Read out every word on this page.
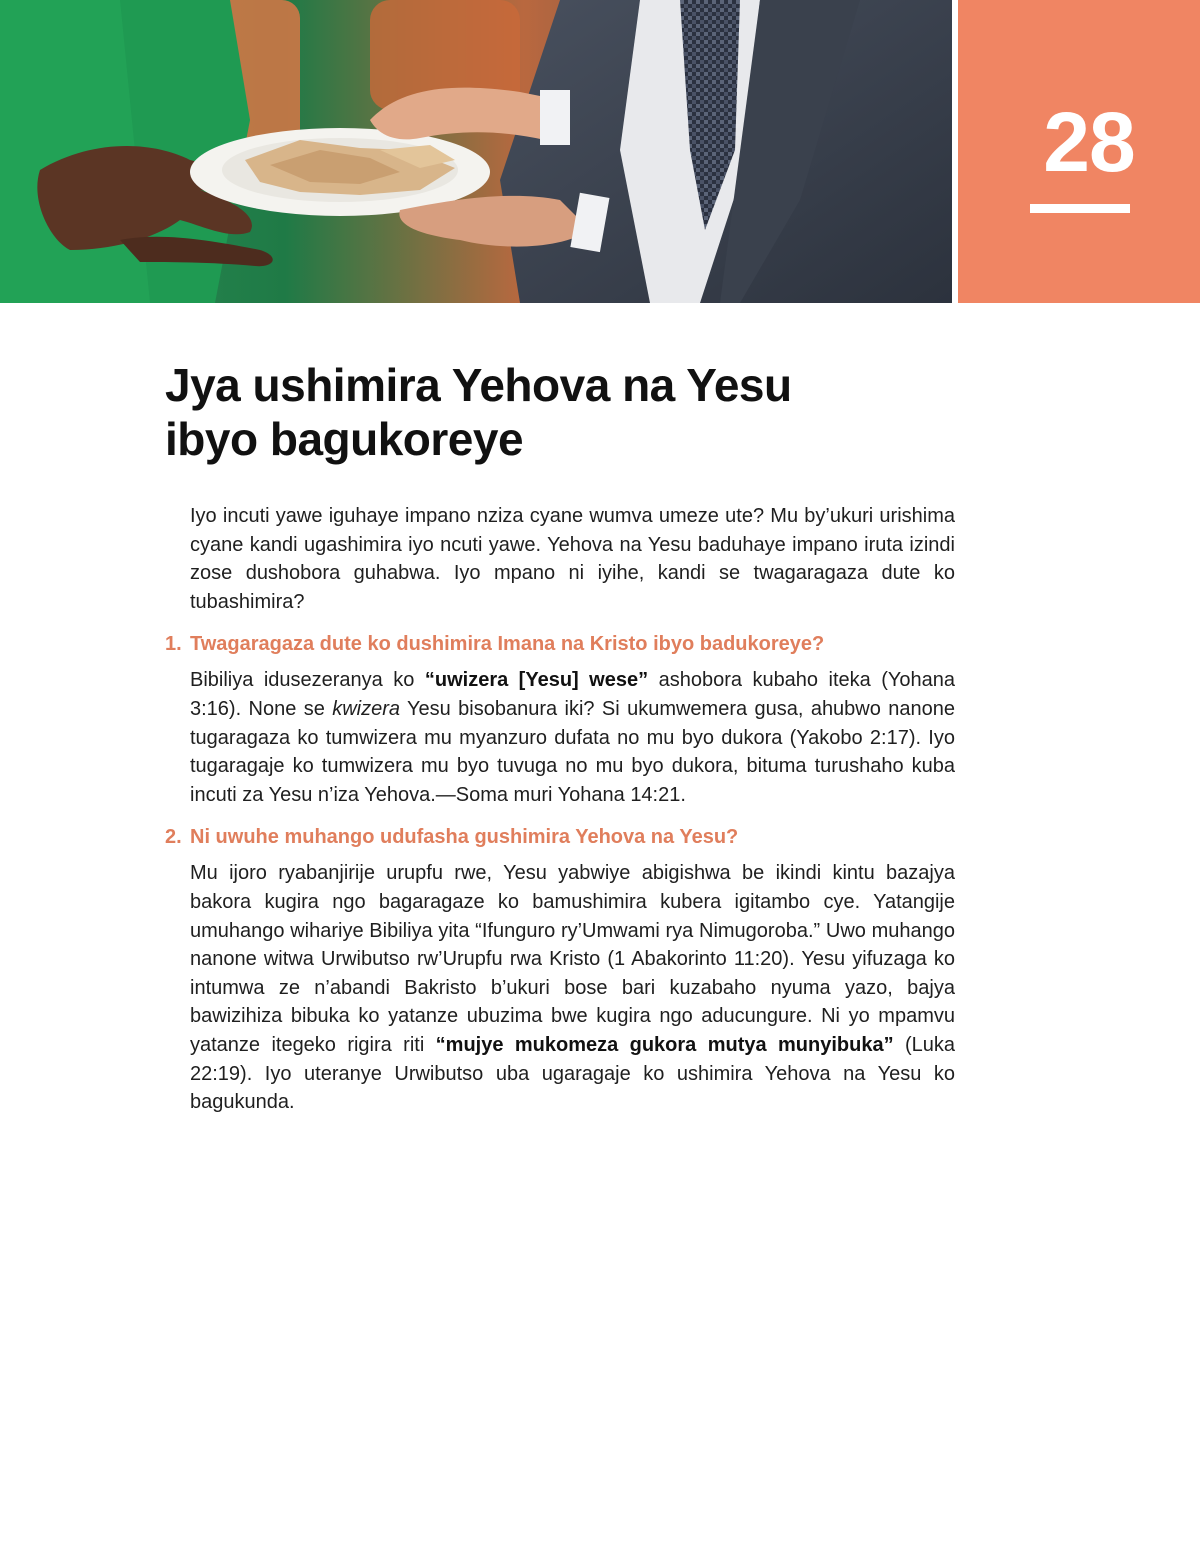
28
Jya ushimira Yehova na Yesu
ibyo bagukoreye

Iyo incuti yawe iguhaye impano nziza cyane wumva umeze ute? Mu by’ukuri urishima cyane kandi ugashimira iyo ncuti yawe. Yehova na Yesu baduhaye impano iruta izindi zose dushobora guhabwa. Iyo mpano ni iyihe, kandi se twagaragaza dute ko tubashimira?

1. Twagaragaza dute ko dushimira Imana na Kristo ibyo badukoreye?

Bibiliya idusezeranya ko “uwizera [Yesu] wese” ashobora kubaho iteka (Yohana 3:16). None se kwizera Yesu bisobanura iki? Si ukumwemera gusa, ahubwo nanone tugaragaza ko tumwizera mu myanzuro dufata no mu byo dukora (Yakobo 2:17). Iyo tugaragaje ko tumwizera mu byo tuvuga no mu byo dukora, bituma turushaho kuba incuti za Yesu n’iza Yehova.—Soma muri Yohana 14:21.

2. Ni uwuhe muhango udufasha gushimira Yehova na Yesu?

Mu ijoro ryabanjirije urupfu rwe, Yesu yabwiye abigishwa be ikindi kintu bazajya bakora kugira ngo bagaragaze ko bamushimira kubera igitambo cye. Yatangije umuhango wihariye Bibiliya yita “Ifunguro ry’Umwami rya Nimugoroba.” Uwo muhango nanone witwa Urwibutso rw’Urupfu rwa Kristo (1 Abakorinto 11:20). Yesu yifuzaga ko intumwa ze n’abandi Bakristo b’ukuri bose bari kuzabaho nyuma yazo, bajya bawizihiza bibuka ko yatanze ubuzima bwe kugira ngo aducungure. Ni yo mpamvu yatanze itegeko rigira riti “mujye mukomeza gukora mutya munyibuka” (Luka 22:19). Iyo uteranye Urwibutso uba ugaragaje ko ushimira Yehova na Yesu ko bagukunda.
